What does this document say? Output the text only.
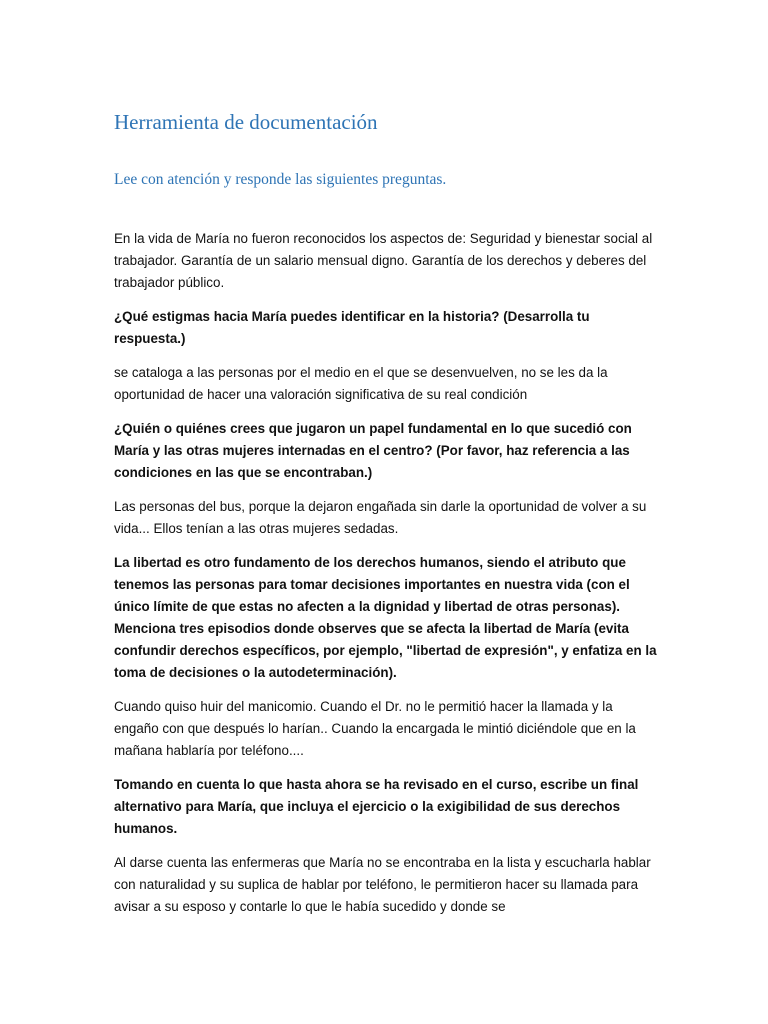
Herramienta de documentación
Lee con atención y responde las siguientes preguntas.

En la vida de María no fueron reconocidos los aspectos de: Seguridad y bienestar social al trabajador. Garantía de un salario mensual digno. Garantía de los derechos y deberes del trabajador público.

¿Qué estigmas hacia María puedes identificar en la historia? (Desarrolla tu respuesta.)

se cataloga a las personas por el medio en el que se desenvuelven, no se les da la oportunidad de hacer una valoración significativa de su real condición

¿Quién o quiénes crees que jugaron un papel fundamental en lo que sucedió con María y las otras mujeres internadas en el centro? (Por favor, haz referencia a las condiciones en las que se encontraban.)

Las personas del bus, porque la dejaron engañada sin darle la oportunidad de volver a su vida... Ellos tenían a las otras mujeres sedadas.

La libertad es otro fundamento de los derechos humanos, siendo el atributo que tenemos las personas para tomar decisiones importantes en nuestra vida (con el único límite de que estas no afecten a la dignidad y libertad de otras personas). Menciona tres episodios donde observes que se afecta la libertad de María (evita confundir derechos específicos, por ejemplo, "libertad de expresión", y enfatiza en la toma de decisiones o la autodeterminación).

Cuando quiso huir del manicomio. Cuando el Dr. no le permitió hacer la llamada y la engaño con que después lo harían.. Cuando la encargada le mintió diciéndole que en la mañana hablaría por teléfono....

Tomando en cuenta lo que hasta ahora se ha revisado en el curso, escribe un final alternativo para María, que incluya el ejercicio o la exigibilidad de sus derechos humanos.

Al darse cuenta las enfermeras que María no se encontraba en la lista y escucharla hablar con naturalidad y su suplica de hablar por teléfono, le permitieron hacer su llamada para avisar a su esposo y contarle lo que le había sucedido y donde se
